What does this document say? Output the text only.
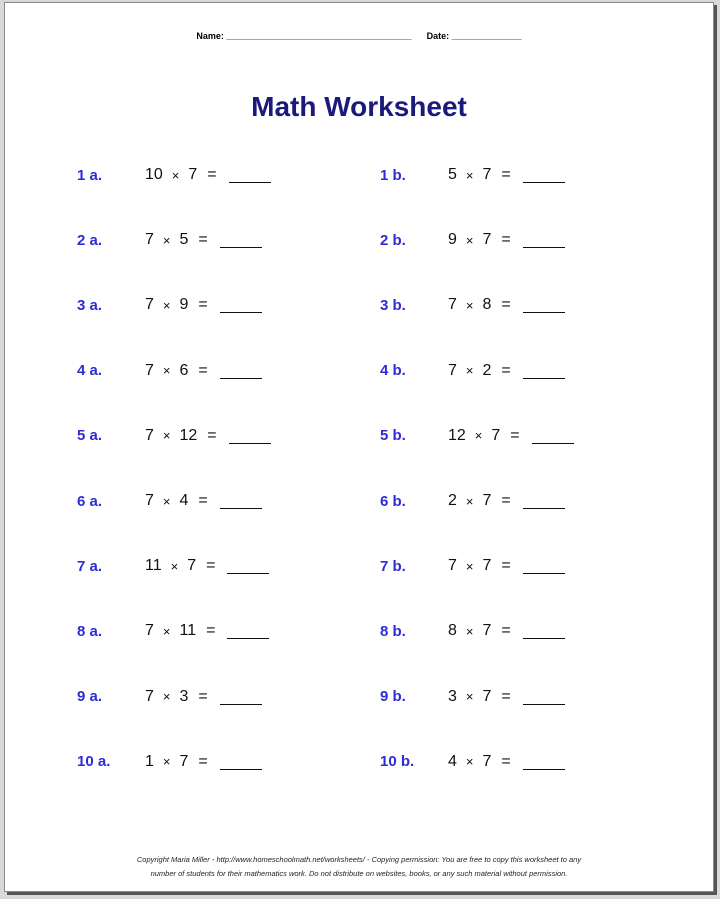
Name: _____________________________________ Date: ______________
Math Worksheet
1 a.	10 × 7 =	1 b.	5 × 7 =
2 a.	7 × 5 =	2 b.	9 × 7 =
3 a.	7 × 9 =	3 b.	7 × 8 =
4 a.	7 × 6 =	4 b.	7 × 2 =
5 a.	7 × 12 =	5 b.	12 × 7 =
6 a.	7 × 4 =	6 b.	2 × 7 =
7 a.	11 × 7 =	7 b.	7 × 7 =
8 a.	7 × 11 =	8 b.	8 × 7 =
9 a.	7 × 3 =	9 b.	3 × 7 =
10 a.	1 × 7 =	10 b.	4 × 7 =
Copyright Maria Miller - http://www.homeschoolmath.net/worksheets/ - Copying permission: You are free to copy this worksheet to any
number of students for their mathematics work. Do not distribute on websites, books, or any such material without permission.
